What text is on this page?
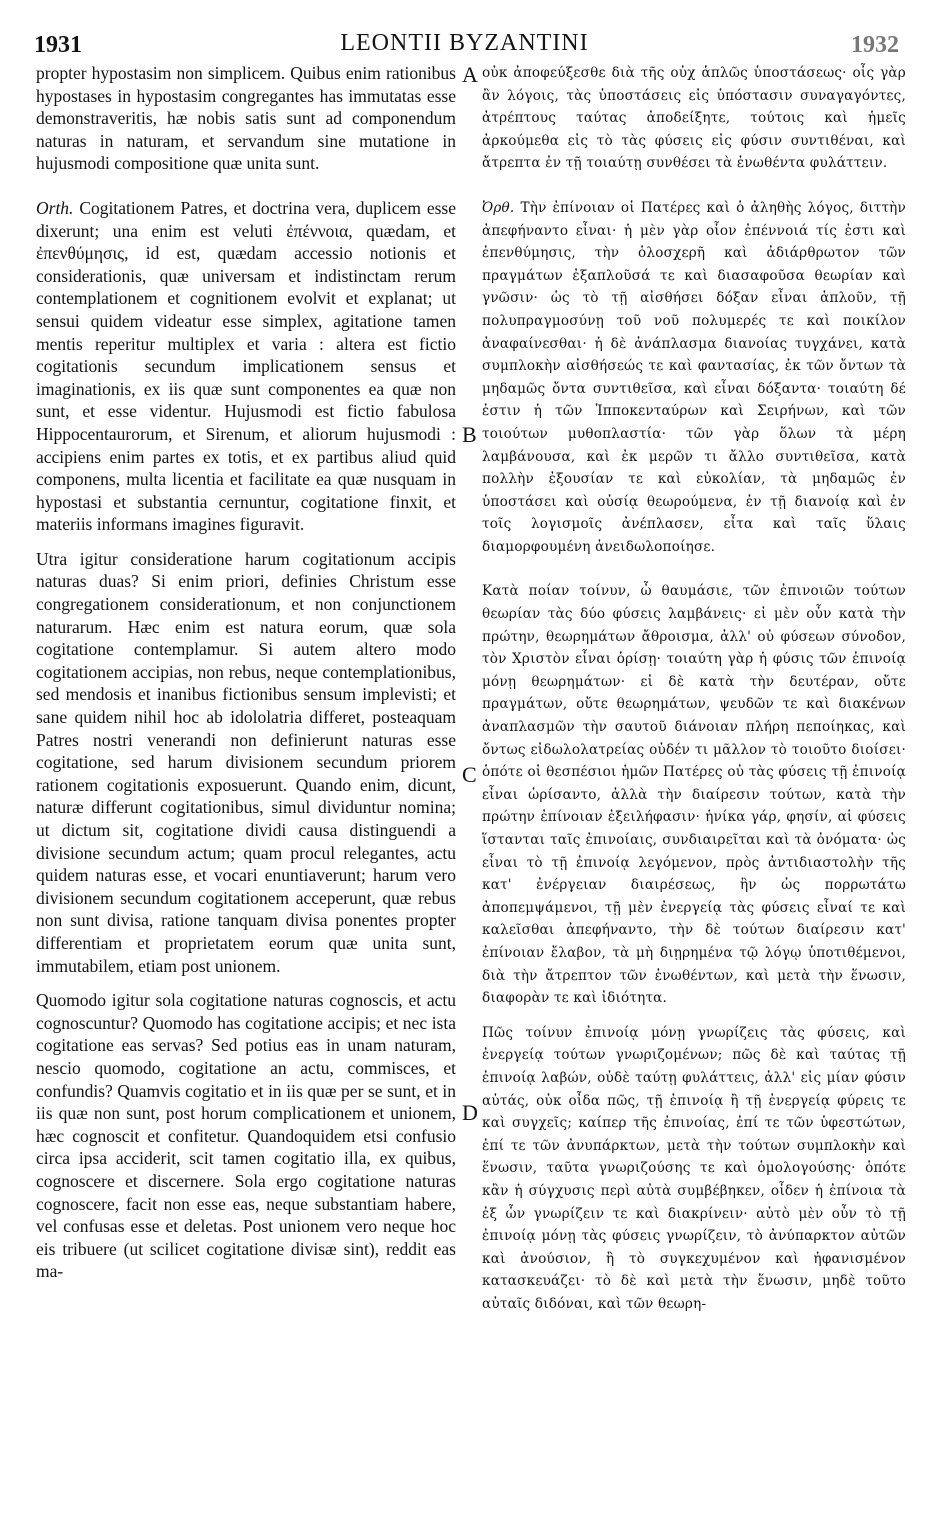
1931	LEONTII BYZANTINI	1932

propter hypostasim non simplicem. Quibus enim rationibus hypostases in hypostasim congregantes has immutatas esse demonstraveritis, hæ nobis satis sunt ad componendum naturas in naturam, et servandum sine mutatione in hujusmodi compositione quæ unita sunt.

Orth. Cogitationem Patres, et doctrina vera, duplicem esse dixerunt; una enim est veluti ἐπέννοια, quædam, et ἐπενθύμησις, id est, quædam accessio notionis et considerationis, quæ universam et indistinctam rerum contemplationem et cognitionem evolvit et explanat; ut sensui quidem videatur esse simplex, agitatione tamen mentis reperitur multiplex et varia : altera est fictio cogitationis secundum implicationem sensus et imaginationis, ex iis quæ sunt componentes ea quæ non sunt, et esse videntur. Hujusmodi est fictio fabulosa Hippocentaurorum, et Sirenum, et aliorum hujusmodi : accipiens enim partes ex totis, et ex partibus aliud quid componens, multa licentia et facilitate ea quæ nusquam in hypostasi et substantia cernuntur, cogitatione finxit, et materiis informans imagines figuravit.

Utra igitur consideratione harum cogitationum accipis naturas duas? Si enim priori, definies Christum esse congregationem considerationum, et non conjunctionem naturarum. Hæc enim est natura eorum, quæ sola cogitatione contemplamur. Si autem altero modo cogitationem accipias, non rebus, neque contemplationibus, sed mendosis et inanibus fictionibus sensum implevisti; et sane quidem nihil hoc ab idololatria differet, posteaquam Patres nostri venerandi non definierunt naturas esse cogitatione, sed harum divisionem secundum priorem rationem cogitationis exposuerunt. Quando enim, dicunt, naturæ differunt cogitationibus, simul dividuntur nomina; ut dictum sit, cogitatione dividi causa distinguendi a divisione secundum actum; quam procul relegantes, actu quidem naturas esse, et vocari enuntiaverunt; harum vero divisionem secundum cogitationem acceperunt, quæ rebus non sunt divisa, ratione tanquam divisa ponentes propter differentiam et proprietatem eorum quæ unita sunt, immutabilem, etiam post unionem.

Quomodo igitur sola cogitatione naturas cognoscis, et actu cognoscuntur? Quomodo has cogitatione accipis; et nec ista cogitatione eas servas? Sed potius eas in unam naturam, nescio quomodo, cogitatione an actu, commisces, et confundis? Quamvis cogitatio et in iis quæ per se sunt, et in iis quæ non sunt, post horum complicationem et unionem, hæc cognoscit et confitetur. Quandoquidem etsi confusio circa ipsa acciderit, scit tamen cogitatio illa, ex quibus, cognoscere et discernere. Sola ergo cogitatione naturas cognoscere, facit non esse eas, neque substantiam habere, vel confusas esse et deletas. Post unionem vero neque hoc eis tribuere (ut scilicet cogitatione divisæ sint), reddit eas ma-

A
B
C
D

οὐκ ἀποφεύξεσθε διὰ τῆς οὐχ ἁπλῶς ὑποστάσεως· οἷς γὰρ ἂν λόγοις, τὰς ὑποστάσεις εἰς ὑπόστασιν συναγαγόντες, ἀτρέπτους ταύτας ἀποδείξητε, τούτοις καὶ ἡμεῖς ἀρκούμεθα εἰς τὸ τὰς φύσεις εἰς φύσιν συντιθέναι, καὶ ἄτρεπτα ἐν τῇ τοιαύτῃ συνθέσει τὰ ἑνωθέντα φυλάττειν.

Ὀρθ. Τὴν ἐπίνοιαν οἱ Πατέρες καὶ ὁ ἀληθὴς λόγος, διττὴν ἀπεφήναντο εἶναι· ἡ μὲν γὰρ οἷον ἐπέννοιά τίς ἐστι καὶ ἐπενθύμησις, τὴν ὁλοσχερῆ καὶ ἀδιάρθρωτον τῶν πραγμάτων ἐξαπλοῦσά τε καὶ διασαφοῦσα θεωρίαν καὶ γνῶσιν· ὡς τὸ τῇ αἰσθήσει δόξαν εἶναι ἁπλοῦν, τῇ πολυπραγμοσύνῃ τοῦ νοῦ πολυμερές τε καὶ ποικίλον ἀναφαίνεσθαι· ἡ δὲ ἀνάπλασμα διανοίας τυγχάνει, κατὰ συμπλοκὴν αἰσθήσεώς τε καὶ φαντασίας, ἐκ τῶν ὄντων τὰ μηδαμῶς ὄντα συντιθεῖσα, καὶ εἶναι δόξαντα· τοιαύτη δέ ἐστιν ἡ τῶν Ἱπποκενταύρων καὶ Σειρήνων, καὶ τῶν τοιούτων μυθοπλαστία· τῶν γὰρ ὅλων τὰ μέρη λαμβάνουσα, καὶ ἐκ μερῶν τι ἄλλο συντιθεῖσα, κατὰ πολλὴν ἐξουσίαν τε καὶ εὐκολίαν, τὰ μηδαμῶς ἐν ὑποστάσει καὶ οὐσίᾳ θεωρούμενα, ἐν τῇ διανοίᾳ καὶ ἐν τοῖς λογισμοῖς ἀνέπλασεν, εἶτα καὶ ταῖς ὕλαις διαμορφουμένη ἀνειδωλοποίησε.

Κατὰ ποίαν τοίνυν, ὦ θαυμάσιε, τῶν ἐπινοιῶν τούτων θεωρίαν τὰς δύο φύσεις λαμβάνεις· εἰ μὲν οὖν κατὰ τὴν πρώτην, θεωρημάτων ἄθροισμα, ἀλλ' οὐ φύσεων σύνοδον, τὸν Χριστὸν εἶναι ὁρίσῃ· τοιαύτη γὰρ ἡ φύσις τῶν ἐπινοίᾳ μόνῃ θεωρημάτων· εἰ δὲ κατὰ τὴν δευτέραν, οὔτε πραγμάτων, οὔτε θεωρημάτων, ψευδῶν τε καὶ διακένων ἀναπλασμῶν τὴν σαυτοῦ διάνοιαν πλήρη πεποίηκας, καὶ ὄντως εἰδωλολατρείας οὐδέν τι μᾶλλον τὸ τοιοῦτο διοίσει· ὁπότε οἱ θεσπέσιοι ἡμῶν Πατέρες οὐ τὰς φύσεις τῇ ἐπινοίᾳ εἶναι ὡρίσαντο, ἀλλὰ τὴν διαίρεσιν τούτων, κατὰ τὴν πρώτην ἐπίνοιαν ἐξειλήφασιν· ἡνίκα γάρ, φησίν, αἱ φύσεις ἵστανται ταῖς ἐπινοίαις, συνδιαιρεῖται καὶ τὰ ὀνόματα· ὡς εἶναι τὸ τῇ ἐπινοίᾳ λεγόμενον, πρὸς ἀντιδιαστολὴν τῆς κατ' ἐνέργειαν διαιρέσεως, ἣν ὡς πορρωτάτω ἀποπεμψάμενοι, τῇ μὲν ἐνεργείᾳ τὰς φύσεις εἶναί τε καὶ καλεῖσθαι ἀπεφήναντο, τὴν δὲ τούτων διαίρεσιν κατ' ἐπίνοιαν ἔλαβον, τὰ μὴ διῃρημένα τῷ λόγῳ ὑποτιθέμενοι, διὰ τὴν ἄτρεπτον τῶν ἑνωθέντων, καὶ μετὰ τὴν ἕνωσιν, διαφορὰν τε καὶ ἰδιότητα.

Πῶς τοίνυν ἐπινοίᾳ μόνῃ γνωρίζεις τὰς φύσεις, καὶ ἐνεργείᾳ τούτων γνωριζομένων; πῶς δὲ καὶ ταύτας τῇ ἐπινοίᾳ λαβών, οὐδὲ ταύτῃ φυλάττεις, ἀλλ' εἰς μίαν φύσιν αὐτάς, οὐκ οἶδα πῶς, τῇ ἐπινοίᾳ ἢ τῇ ἐνεργείᾳ φύρεις τε καὶ συγχεῖς; καίπερ τῆς ἐπινοίας, ἐπί τε τῶν ὑφεστώτων, ἐπί τε τῶν ἀνυπάρκτων, μετὰ τὴν τούτων συμπλοκὴν καὶ ἕνωσιν, ταῦτα γνωριζούσης τε καὶ ὁμολογούσης· ὁπότε κἂν ἡ σύγχυσις περὶ αὐτὰ συμβέβηκεν, οἶδεν ἡ ἐπίνοια τὰ ἐξ ὧν γνωρίζειν τε καὶ διακρίνειν· αὐτὸ μὲν οὖν τὸ τῇ ἐπινοίᾳ μόνῃ τὰς φύσεις γνωρίζειν, τὸ ἀνύπαρκτον αὐτῶν καὶ ἀνούσιον, ἢ τὸ συγκεχυμένον καὶ ἠφανισμένον κατασκευάζει· τὸ δὲ καὶ μετὰ τὴν ἕνωσιν, μηδὲ τοῦτο αὐταῖς διδόναι, καὶ τῶν θεωρη-
